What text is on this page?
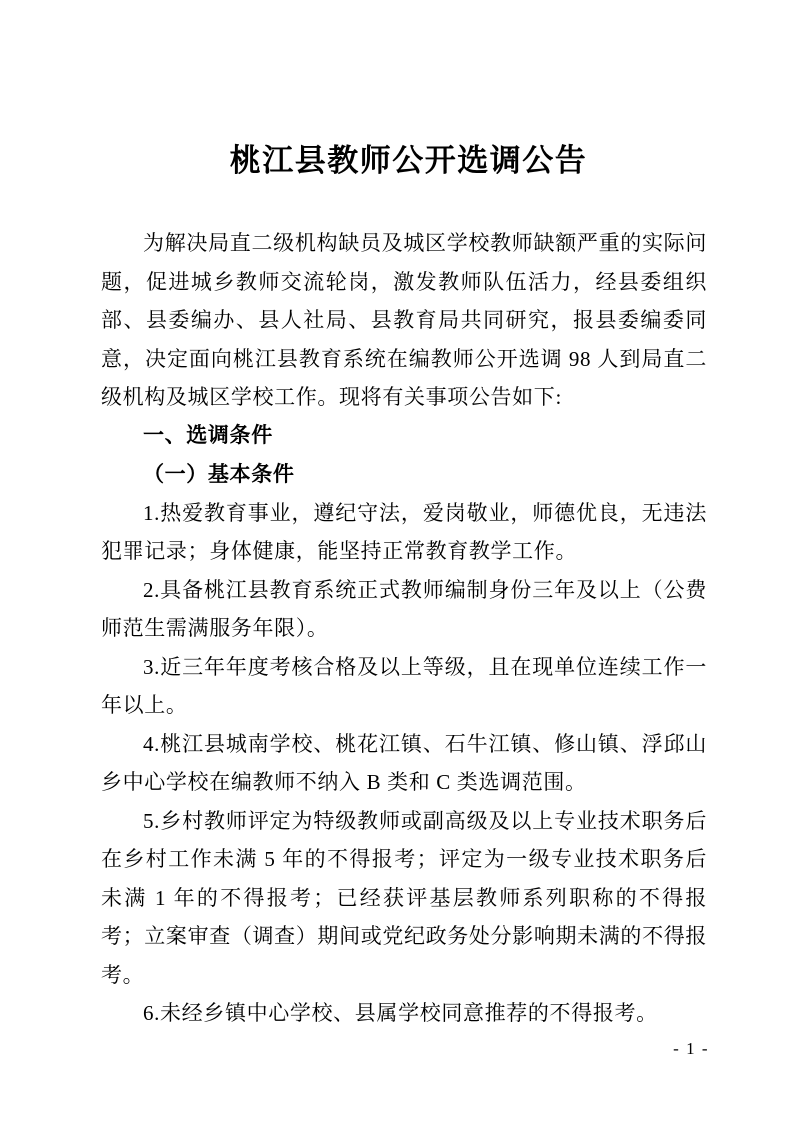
桃江县教师公开选调公告

为解决局直二级机构缺员及城区学校教师缺额严重的实际问题，促进城乡教师交流轮岗，激发教师队伍活力，经县委组织部、县委编办、县人社局、县教育局共同研究，报县委编委同意，决定面向桃江县教育系统在编教师公开选调 98 人到局直二级机构及城区学校工作。现将有关事项公告如下:

一、选调条件

（一）基本条件

1.热爱教育事业，遵纪守法，爱岗敬业，师德优良，无违法犯罪记录；身体健康，能坚持正常教育教学工作。

2.具备桃江县教育系统正式教师编制身份三年及以上（公费师范生需满服务年限）。

3.近三年年度考核合格及以上等级，且在现单位连续工作一年以上。

4.桃江县城南学校、桃花江镇、石牛江镇、修山镇、浮邱山乡中心学校在编教师不纳入 B 类和 C 类选调范围。

5.乡村教师评定为特级教师或副高级及以上专业技术职务后在乡村工作未满 5 年的不得报考；评定为一级专业技术职务后未满 1 年的不得报考；已经获评基层教师系列职称的不得报考；立案审查（调查）期间或党纪政务处分影响期未满的不得报考。

6.未经乡镇中心学校、县属学校同意推荐的不得报考。

- 1 -
